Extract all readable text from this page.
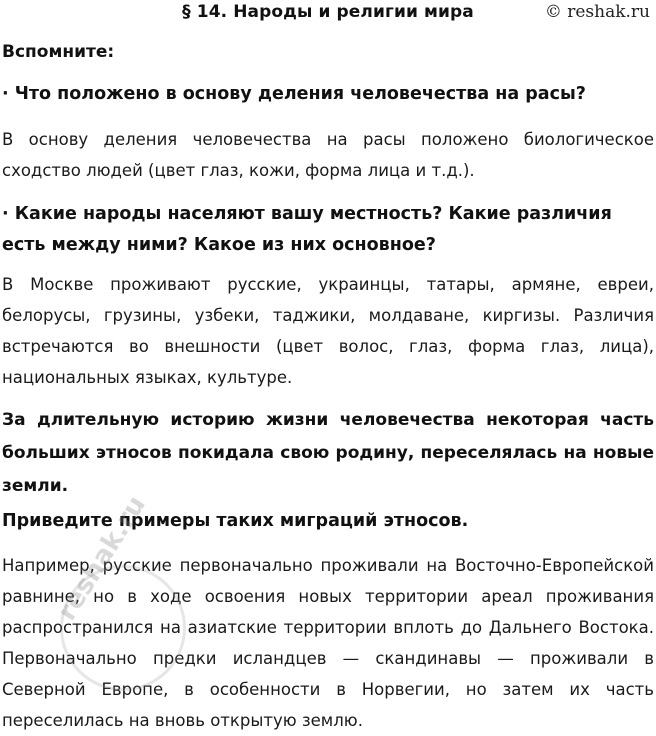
§ 14. Народы и религии мира	© reshak.ru
Вспомните:
· Что положено в основу деления человечества на расы?
В основу деления человечества на расы положено биологическое сходство людей (цвет глаз, кожи, форма лица и т.д.).
· Какие народы населяют вашу местность? Какие различия есть между ними? Какое из них основное?
В Москве проживают русские, украинцы, татары, армяне, евреи, белорусы, грузины, узбеки, таджики, молдаване, киргизы. Различия встречаются во внешности (цвет волос, глаз, форма глаз, лица), национальных языках, культуре.
За длительную историю жизни человечества некоторая часть больших этносов покидала свою родину, переселялась на новые земли.
Приведите примеры таких миграций этносов.
Например, русские первоначально проживали на Восточно-Европейской равнине, но в ходе освоения новых территории ареал проживания распространился на азиатские территории вплоть до Дальнего Востока. Первоначально предки исландцев — скандинавы — проживали в Северной Европе, в особенности в Норвегии, но затем их часть переселилась на вновь открытую землю.
reshak.ru
